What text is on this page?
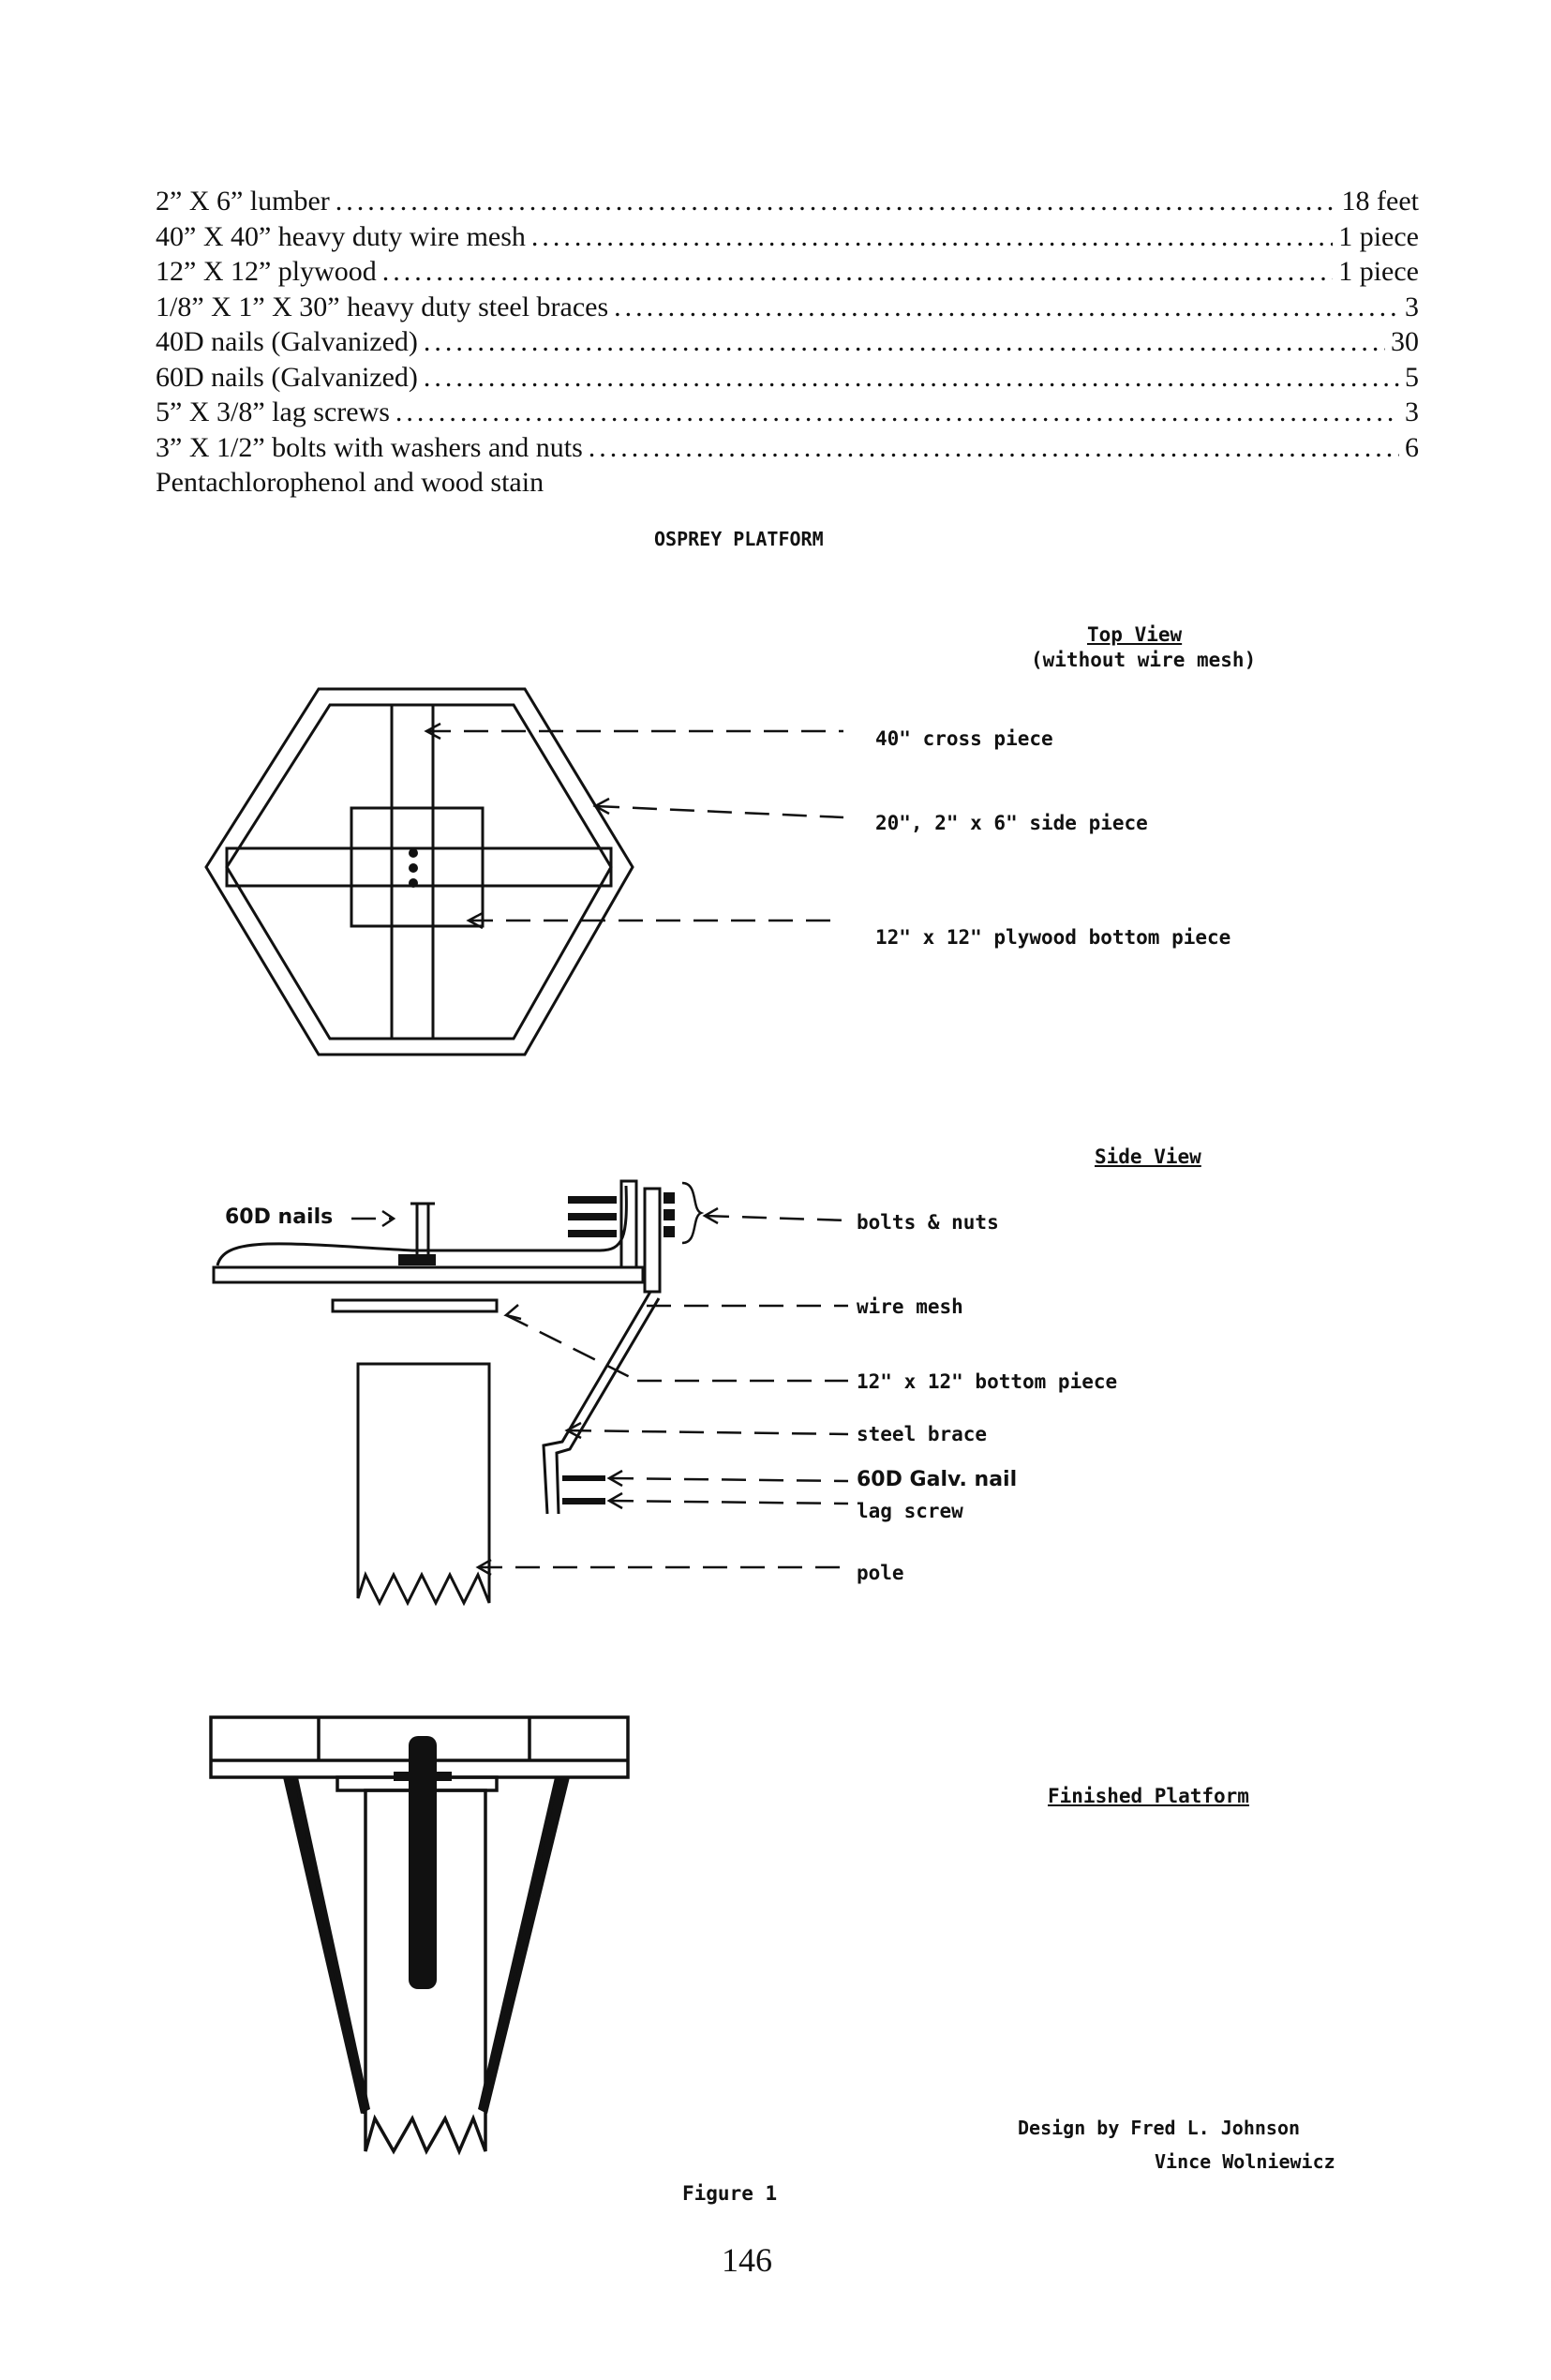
2” X 6” lumber .....	18 feet
40” X 40” heavy duty wire mesh .....	1 piece
12” X 12” plywood .....	1 piece
1/8” X 1” X 30” heavy duty steel braces .....	3
40D nails (Galvanized) .....	30
60D nails (Galvanized) .....	5
5” X 3/8” lag screws .....	3
3” X 1/2” bolts with washers and nuts .....	6
Pentachlorophenol and wood stain
OSPREY PLATFORM
Top View
(without wire mesh)
40" cross piece
20", 2" x 6" side piece
12" x 12" plywood bottom piece
Side View
60D nails	bolts & nuts
wire mesh
12" x 12" bottom piece
steel brace
60D Galv. nail
lag screw
pole
Finished Platform
Design by Fred L. Johnson
Vince Wolniewicz
Figure 1
146
